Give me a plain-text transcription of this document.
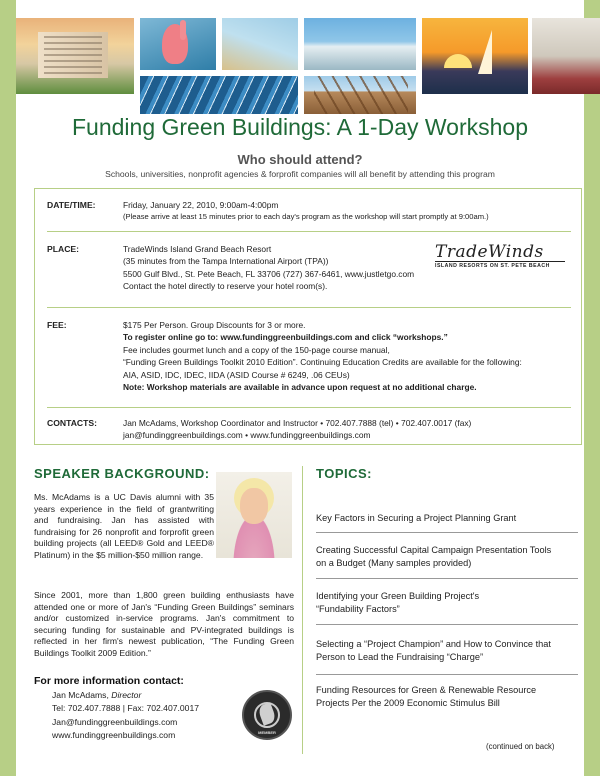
Funding Green Buildings: A 1-Day Workshop
Who should attend?
Schools, universities, nonprofit agencies & forprofit companies will all benefit by attending this program
DATE/TIME:	Friday, January 22, 2010, 9:00am-4:00pm
(Please arrive at least 15 minutes prior to each day's program as the workshop will start promptly at 9:00am.)
PLACE:	TradeWinds Island Grand Beach Resort
(35 minutes from the Tampa International Airport (TPA))
5500 Gulf Blvd., St. Pete Beach, FL 33706 (727) 367-6461, www.justletgo.com
Contact the hotel directly to reserve your hotel room(s).
TradeWinds
ISLAND RESORTS ON ST. PETE BEACH
FEE:	$175 Per Person. Group Discounts for 3 or more.
To register online go to: www.fundinggreenbuildings.com and click “workshops.”
Fee includes gourmet lunch and a copy of the 150-page course manual,
“Funding Green Buildings Toolkit 2010 Edition”. Continuing Education Credits are available for the following:
AIA, ASID, IDC, IDEC, IIDA (ASID Course # 6249, .06 CEUs)
Note: Workshop materials are available in advance upon request at no additional charge.
CONTACTS:	Jan McAdams, Workshop Coordinator and Instructor • 702.407.7888 (tel) • 702.407.0017 (fax)
jan@fundinggreenbuildings.com • www.fundinggreenbuildings.com
SPEAKER BACKGROUND:
Ms. McAdams is a UC Davis alumni with 35 years experience in the field of grantwriting and fundraising. Jan has assisted with fundraising for 26 nonprofit and forprofit green building projects (all LEED® Gold and LEED® Platinum) in the $5 million-$50 million range.
Since 2001, more than 1,800 green building enthusiasts have attended one or more of Jan's “Funding Green Buildings” seminars and/or customized in-service programs. Jan's commitment to securing funding for sustainable and PV-integrated buildings is reflected in her firm's newest publication, “The Funding Green Buildings Toolkit 2009 Edition.”
For more information contact:
Jan McAdams, Director
Tel: 702.407.7888 | Fax: 702.407.0017
Jan@fundinggreenbuildings.com
www.fundinggreenbuildings.com	MEMBER
TOPICS:
Key Factors in Securing a Project Planning Grant
Creating Successful Capital Campaign Presentation Tools
on a Budget (Many samples provided)
Identifying your Green Building Project's
“Fundability Factors”
Selecting a “Project Champion” and How to Convince that
Person to Lead the Fundraising “Charge”
Funding Resources for Green & Renewable Resource
Projects Per the 2009 Economic Stimulus Bill
(continued on back)
